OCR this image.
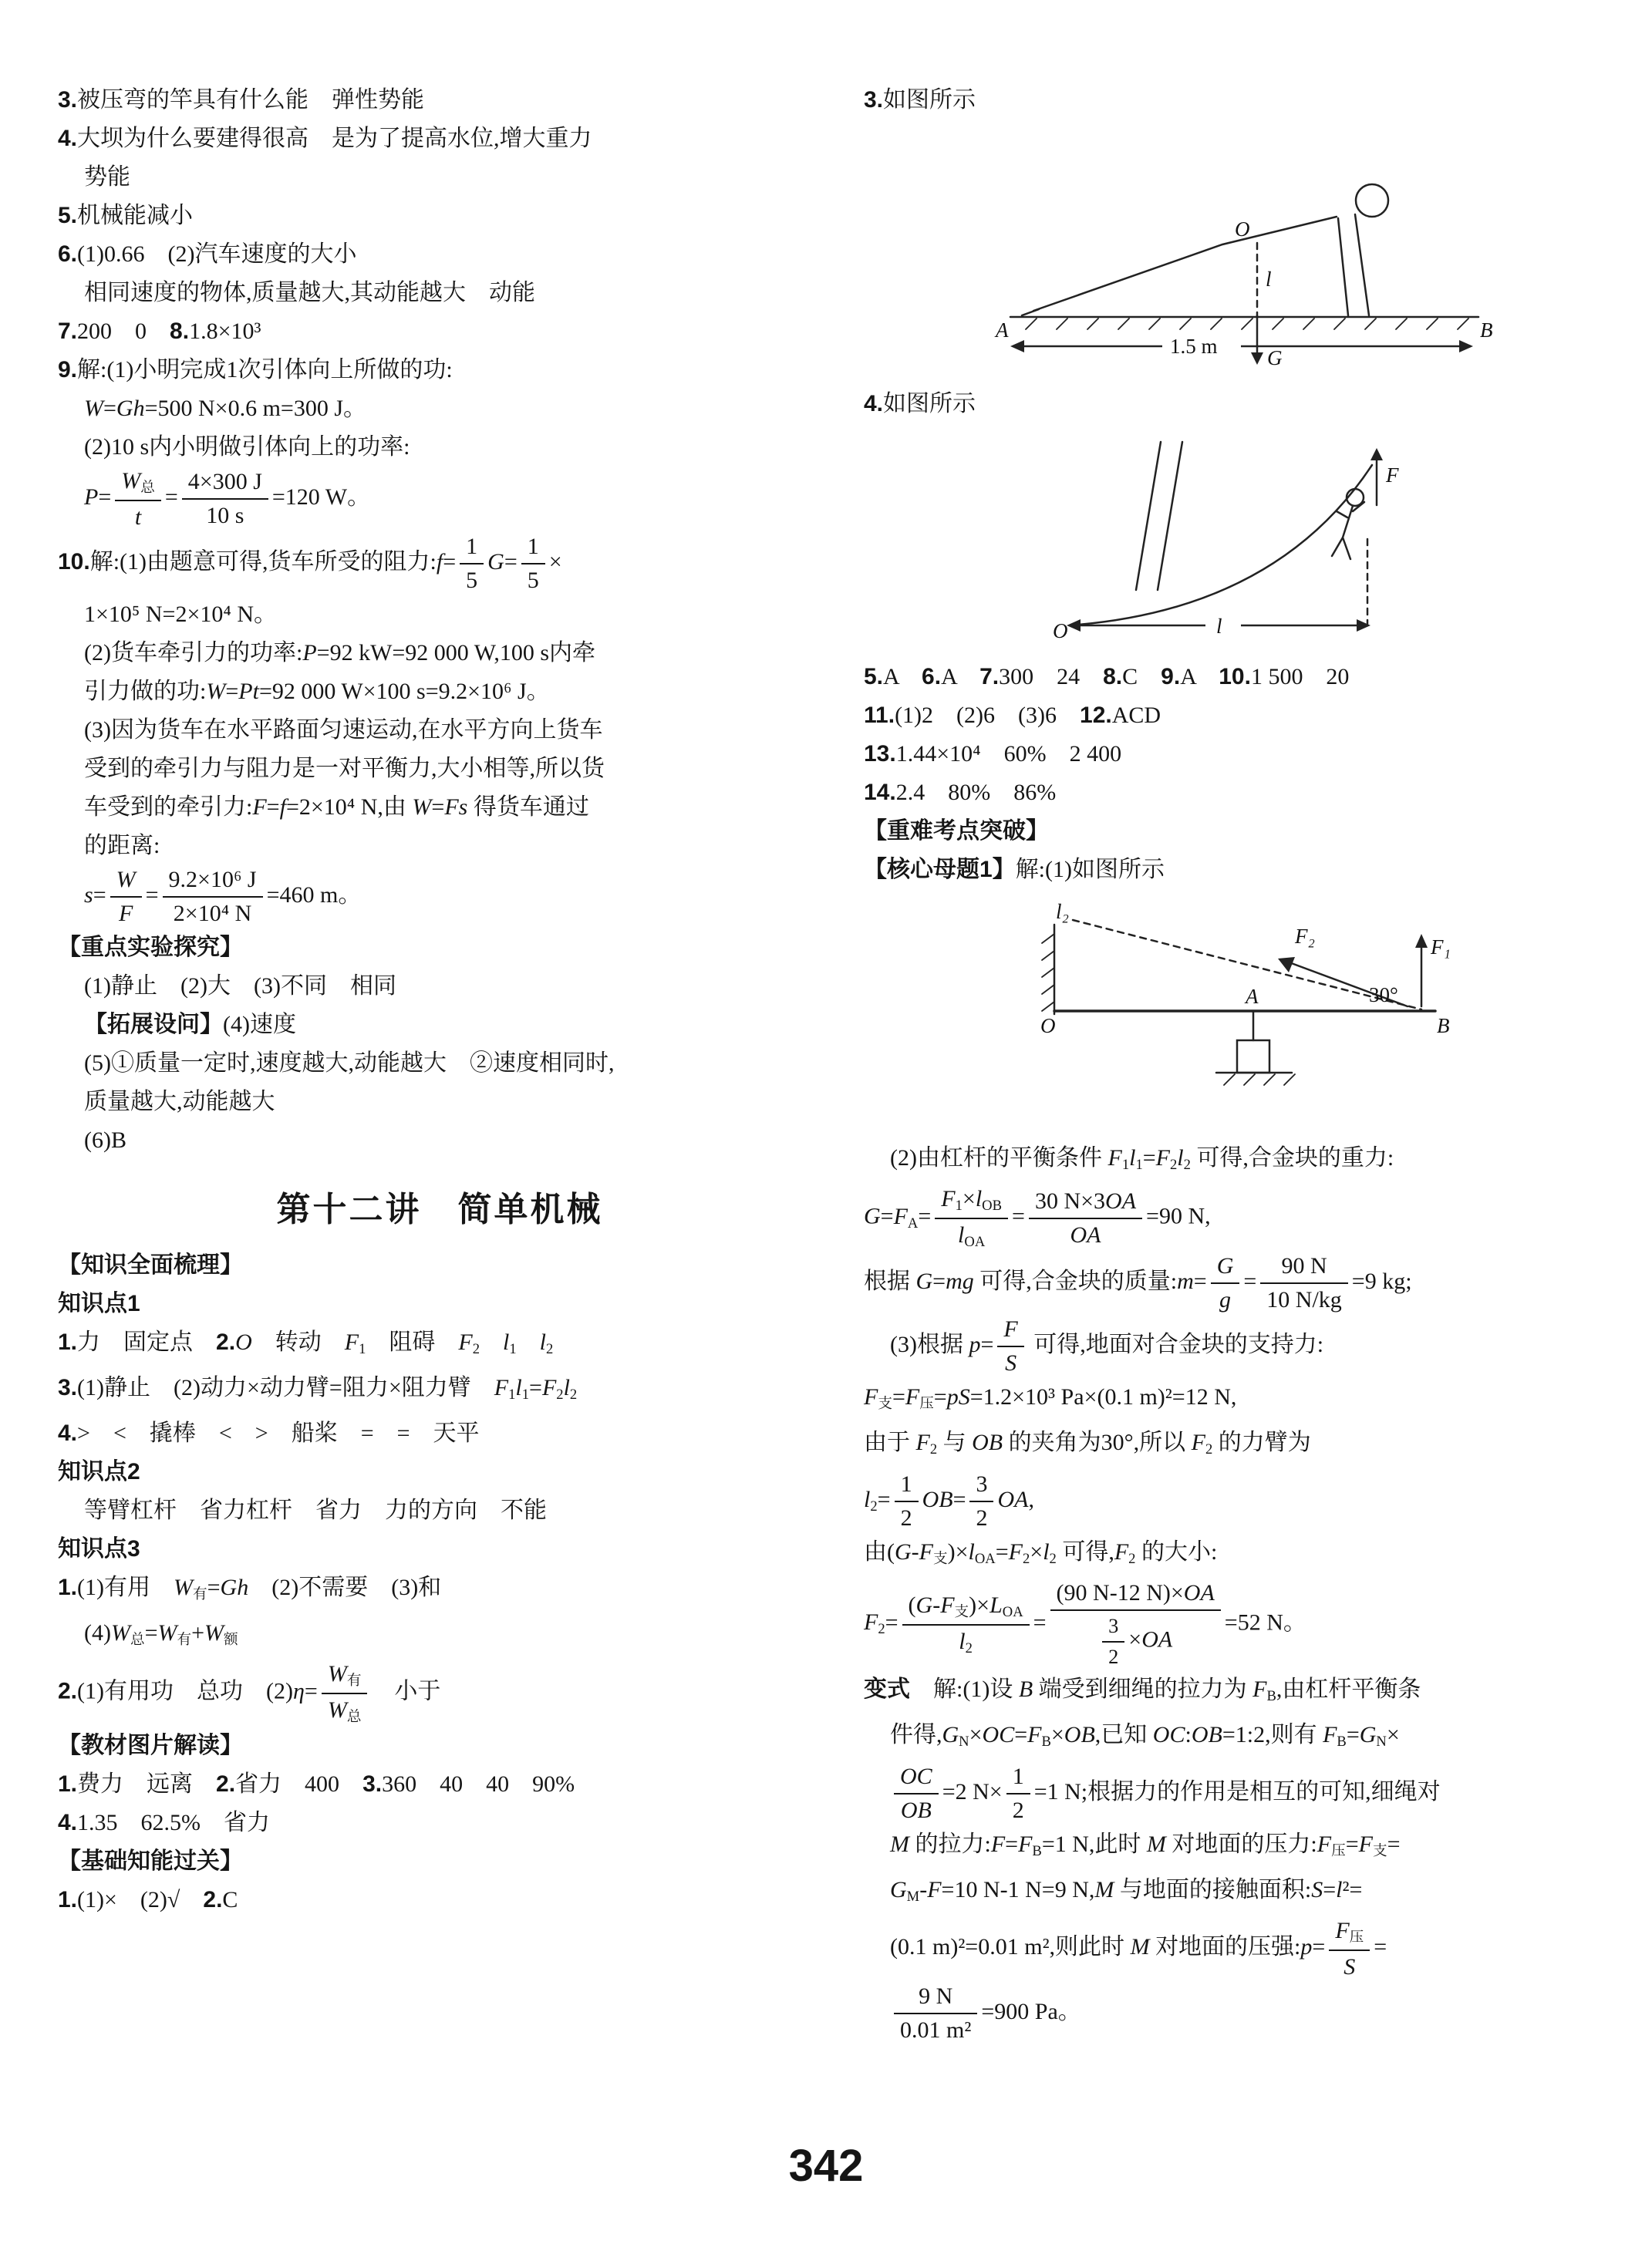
3.被压弯的竿具有什么能　弹性势能
4.大坝为什么要建得很高　是为了提高水位,增大重力
势能
5.机械能减小
6.(1)0.66　(2)汽车速度的大小
相同速度的物体,质量越大,其动能越大　动能
7.200　0　8.1.8×10³
9.解:(1)小明完成1次引体向上所做的功:
W=Gh=500 N×0.6 m=300 J。
(2)10 s内小明做引体向上的功率:
$P= \frac{W_总}{t} = \frac{4\times 300 J}{10 s} =120$ W。
10.解:(1)由题意可得,货车所受的阻力:f= $\frac{1}{5} G= \frac{1}{5}$ ×
1×10⁵ N=2×10⁴ N。
(2)货车牵引力的功率:P=92 kW=92 000 W,100 s内牵
引力做的功:W=Pt=92 000 W×100 s=9.2×10⁶ J。
(3)因为货车在水平路面匀速运动,在水平方向上货车
受到的牵引力与阻力是一对平衡力,大小相等,所以货
车受到的牵引力:F=f=2×10⁴ N,由 W=Fs 得货车通过
的距离:
$s= \frac{W}{F} = \frac{\text{9.2×10⁶ J}}{\text{2×10⁴ N}} =460$ m。
【重点实验探究】
(1)静止　(2)大　(3)不同　相同
【拓展设问】(4)速度
(5)①质量一定时,速度越大,动能越大　②速度相同时,
质量越大,动能越大
(6)B
第十二讲　简单机械
【知识全面梳理】
知识点1
1.力　固定点　2.O　转动　$F_1$　阻碍　$F_2$　 $l_1$　 $l_2$
3.(1)静止　(2)动力×动力臂=阻力×阻力臂　$F_1l_1=F_2l_2$
4.>　<　撬棒　<　>　船桨　=　=　天平
知识点2
等臂杠杆　省力杠杆　省力　力的方向　不能
知识点3
1.(1)有用　$W_有=Gh$　(2)不需要　(3)和
$(4)W_总=W_有+W_额$
2.(1)有用功　总功　$(2)\eta= \frac{W_有}{W_总}$ 　小于
【教材图片解读】
1.费力　远离　2.省力　400　3.360　40　40　90%
4.1.35　62.5%　省力
【基础知能过关】
1.(1)×　(2)√　2.C
3.如图所示
1.5 m
O
l
G
A	B
4.如图所示
l
F
O
5.A　6.A　7.300　24　8.C　9.A　10.1 500　20
11.(1)2　(2)6　(3)6　12.ACD
13.1.44×10⁴　60%　2 400
14.2.4　80%　86%
【重难考点突破】
【核心母题1】解:(1)如图所示
l₂
F₂	F₁
A	30°
O	B
(2)由杠杆的平衡条件 $F_1l_1=F_2l_2$ 可得,合金块的重力:
$G=F_A= \frac{F_1\times l_{OB}}{l_{OA}} = \frac{30 N\times 3OA}{OA} =90$ N,
根据 G=mg 可得,合金块的质量:m= $\frac{G}{g} = \frac{90 N}{10 N/kg} =9$ kg;
(3)根据 $p= \frac{F}{S}$ 可得,地面对合金块的支持力:
$F_支=F_压=pS=1.2\times 10^3$ Pa×(0.1 m)²=12 N,
由于 $F_2$ 与 OB 的夹角为30°,所以 $F_2$ 的力臂为
$l_2= \frac{1}{2} OB= \frac{3}{2}$ OA,
由$(G-F_支)\times l_{OA}=F_2\times l_2$ 可得$,F_2$ 的大小:
$F_2= \frac{(G-F_支)\times L_{OA}}{l_2} = \frac{(90 N-12 N)\times OA}{\frac{3}{2} \times OA} =52$ N。
变式　解:(1)设 B 端受到细绳的拉力为 $F_B$,由杠杆平衡条
件得$,G_N\times OC=F_B\times OB$,已知 OC:OB=1:2,则有 $F_B=G_N\times$
$\frac{OC}{OB} =2$ $N\times \frac{1}{2} =1$ N;根据力的作用是相互的可知,细绳对
M 的拉力$:F=F_B=1$ N,此时 M 对地面的压力$:F_压=F_支=$
$G_M-F=10$ N-1 N=9 N,M 与地面的接触面积:S=l²=
(0.1 m)²=0.01 m²,则此时 M 对地面的压强:p= $\frac{F_压}{S}$ =
$\frac{9 N}{\text{0.01 m²}} =900$ Pa。
342
